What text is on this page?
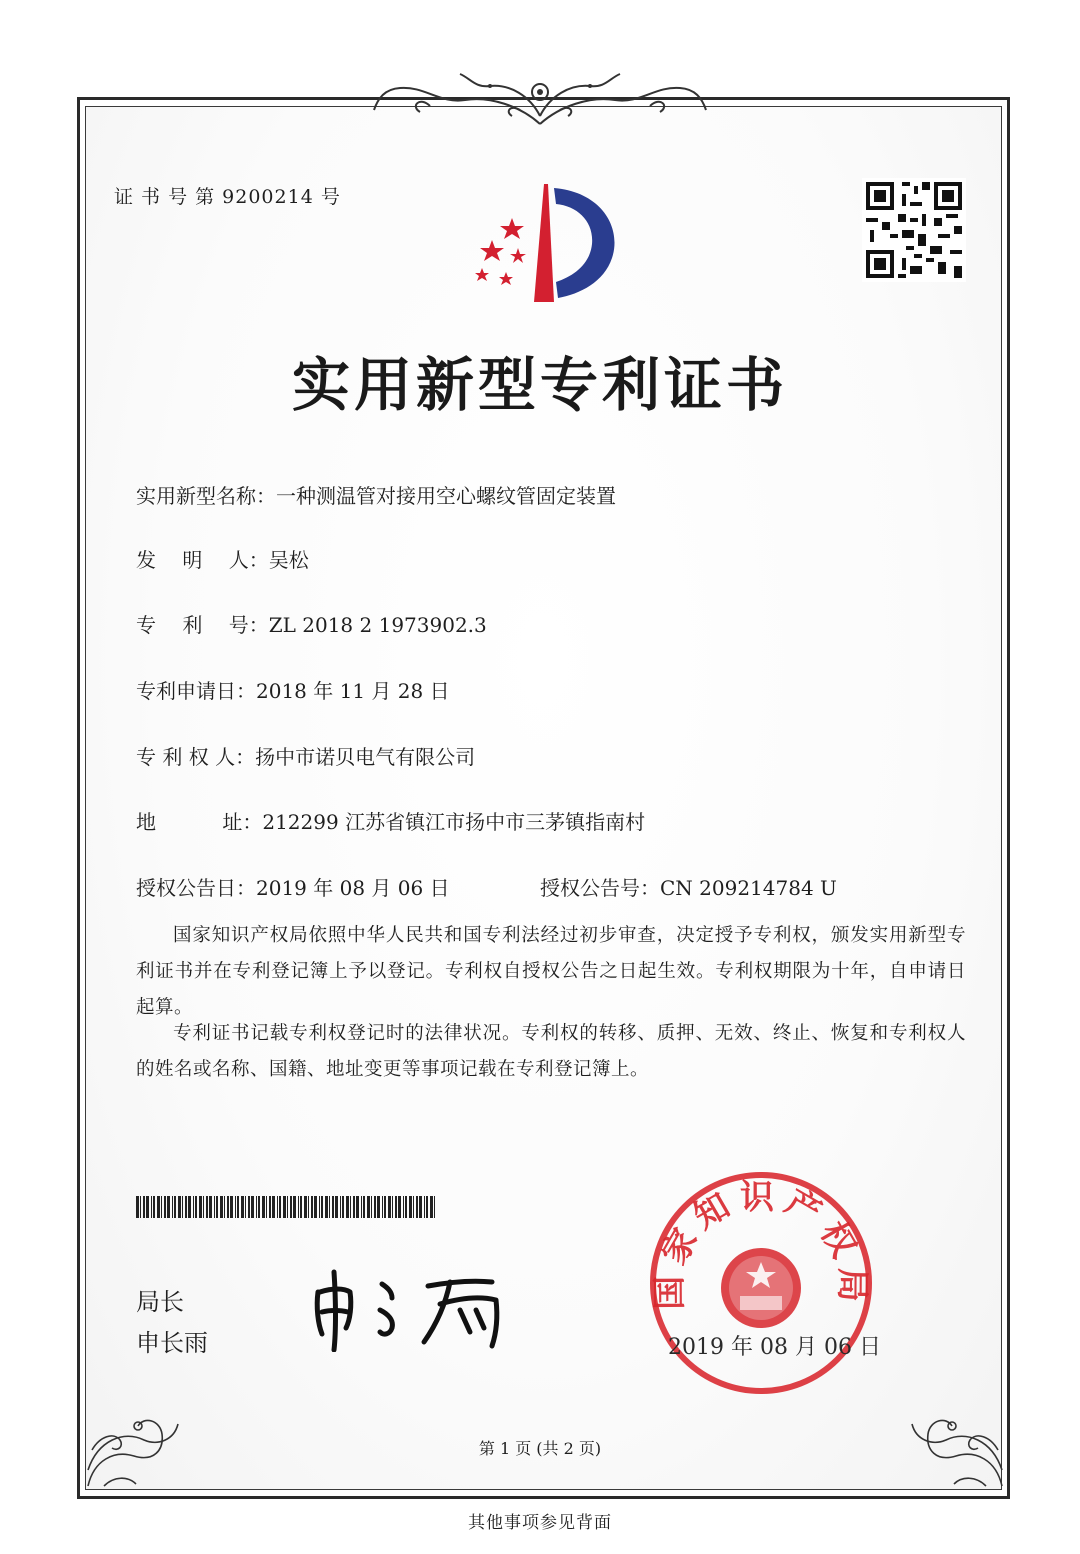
证 书 号 第 9200214 号
实用新型专利证书
实用新型名称：一种测温管对接用空心螺纹管固定装置
发　 明　 人：吴松
专　 利　 号：ZL 2018 2 1973902.3
专利申请日：2018 年 11 月 28 日
专 利 权 人：扬中市诺贝电气有限公司
地　　　 址：212299 江苏省镇江市扬中市三茅镇指南村
授权公告日：2019 年 08 月 06 日	授权公告号：CN 209214784 U

国家知识产权局依照中华人民共和国专利法经过初步审查，决定授予专利权，颁发实用新型专利证书并在专利登记簿上予以登记。专利权自授权公告之日起生效。专利权期限为十年，自申请日起算。

专利证书记载专利权登记时的法律状况。专利权的转移、质押、无效、终止、恢复和专利权人的姓名或名称、国籍、地址变更等事项记载在专利登记簿上。

局长
申长雨
国家知识产权局
2019 年 08 月 06 日
第 1 页 (共 2 页)
其他事项参见背面
